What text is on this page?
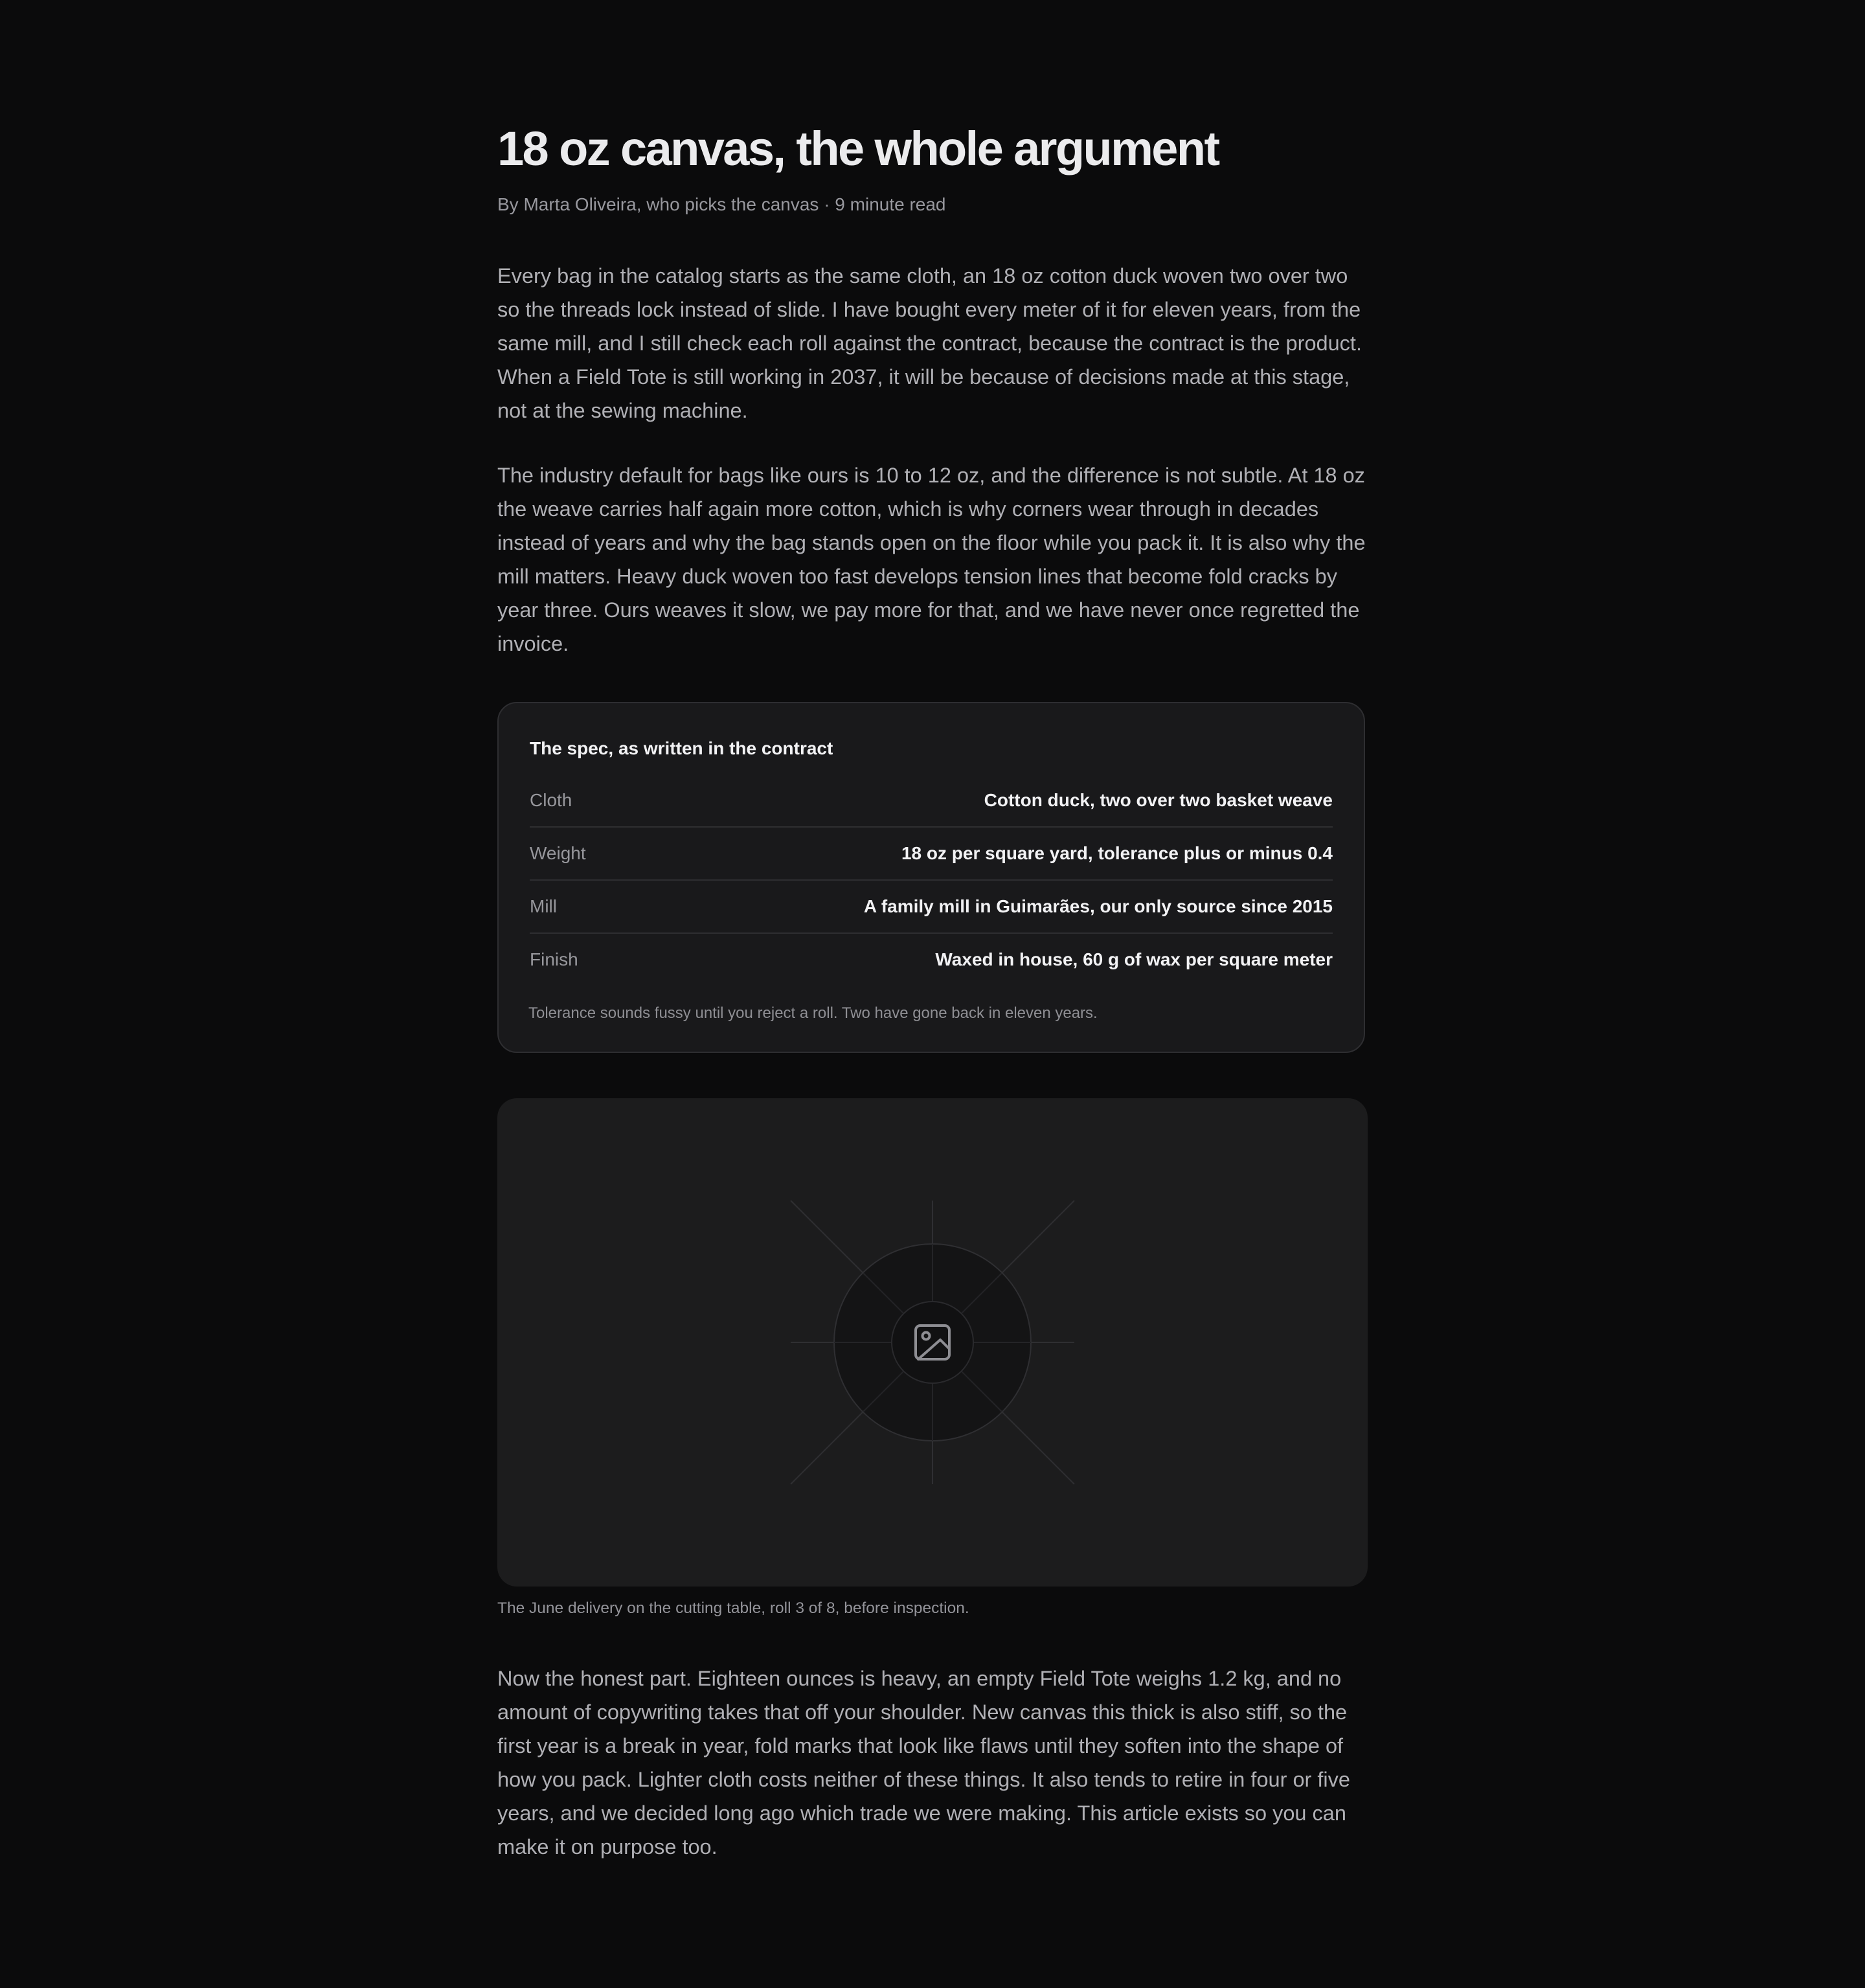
18 oz canvas, the whole argument

By Marta Oliveira, who picks the canvas · 9 minute read

Every bag in the catalog starts as the same cloth, an 18 oz cotton duck woven two over two so the threads lock instead of slide. I have bought every meter of it for eleven years, from the same mill, and I still check each roll against the contract, because the contract is the product. When a Field Tote is still working in 2037, it will be because of decisions made at this stage, not at the sewing machine.

The industry default for bags like ours is 10 to 12 oz, and the difference is not subtle. At 18 oz the weave carries half again more cotton, which is why corners wear through in decades instead of years and why the bag stands open on the floor while you pack it. It is also why the mill matters. Heavy duck woven too fast develops tension lines that become fold cracks by year three. Ours weaves it slow, we pay more for that, and we have never once regretted the invoice.

The spec, as written in the contract
Cloth	Cotton duck, two over two basket weave
Weight	18 oz per square yard, tolerance plus or minus 0.4
Mill	A family mill in Guimarães, our only source since 2015
Finish	Waxed in house, 60 g of wax per square meter

Tolerance sounds fussy until you reject a roll. Two have gone back in eleven years.

The June delivery on the cutting table, roll 3 of 8, before inspection.

Now the honest part. Eighteen ounces is heavy, an empty Field Tote weighs 1.2 kg, and no amount of copywriting takes that off your shoulder. New canvas this thick is also stiff, so the first year is a break in year, fold marks that look like flaws until they soften into the shape of how you pack. Lighter cloth costs neither of these things. It also tends to retire in four or five years, and we decided long ago which trade we were making. This article exists so you can make it on purpose too.
